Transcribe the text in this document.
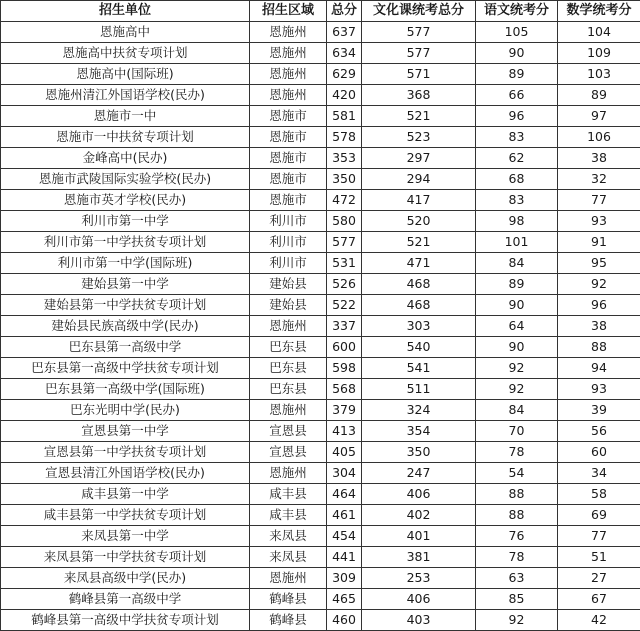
招生单位	招生区域	总分	文化课统考总分	语文统考分	数学统考分
恩施高中	恩施州	637	577	105	104
恩施高中扶贫专项计划	恩施州	634	577	90	109
恩施高中(国际班)	恩施州	629	571	89	103
恩施州清江外国语学校(民办)	恩施州	420	368	66	89
恩施市一中	恩施市	581	521	96	97
恩施市一中扶贫专项计划	恩施市	578	523	83	106
金峰高中(民办)	恩施市	353	297	62	38
恩施市武陵国际实验学校(民办)	恩施市	350	294	68	32
恩施市英才学校(民办)	恩施市	472	417	83	77
利川市第一中学	利川市	580	520	98	93
利川市第一中学扶贫专项计划	利川市	577	521	101	91
利川市第一中学(国际班)	利川市	531	471	84	95
建始县第一中学	建始县	526	468	89	92
建始县第一中学扶贫专项计划	建始县	522	468	90	96
建始县民族高级中学(民办)	恩施州	337	303	64	38
巴东县第一高级中学	巴东县	600	540	90	88
巴东县第一高级中学扶贫专项计划	巴东县	598	541	92	94
巴东县第一高级中学(国际班)	巴东县	568	511	92	93
巴东光明中学(民办)	恩施州	379	324	84	39
宣恩县第一中学	宣恩县	413	354	70	56
宣恩县第一中学扶贫专项计划	宣恩县	405	350	78	60
宣恩县清江外国语学校(民办)	恩施州	304	247	54	34
咸丰县第一中学	咸丰县	464	406	88	58
咸丰县第一中学扶贫专项计划	咸丰县	461	402	88	69
来凤县第一中学	来凤县	454	401	76	77
来凤县第一中学扶贫专项计划	来凤县	441	381	78	51
来凤县高级中学(民办)	恩施州	309	253	63	27
鹤峰县第一高级中学	鹤峰县	465	406	85	67
鹤峰县第一高级中学扶贫专项计划	鹤峰县	460	403	92	42
